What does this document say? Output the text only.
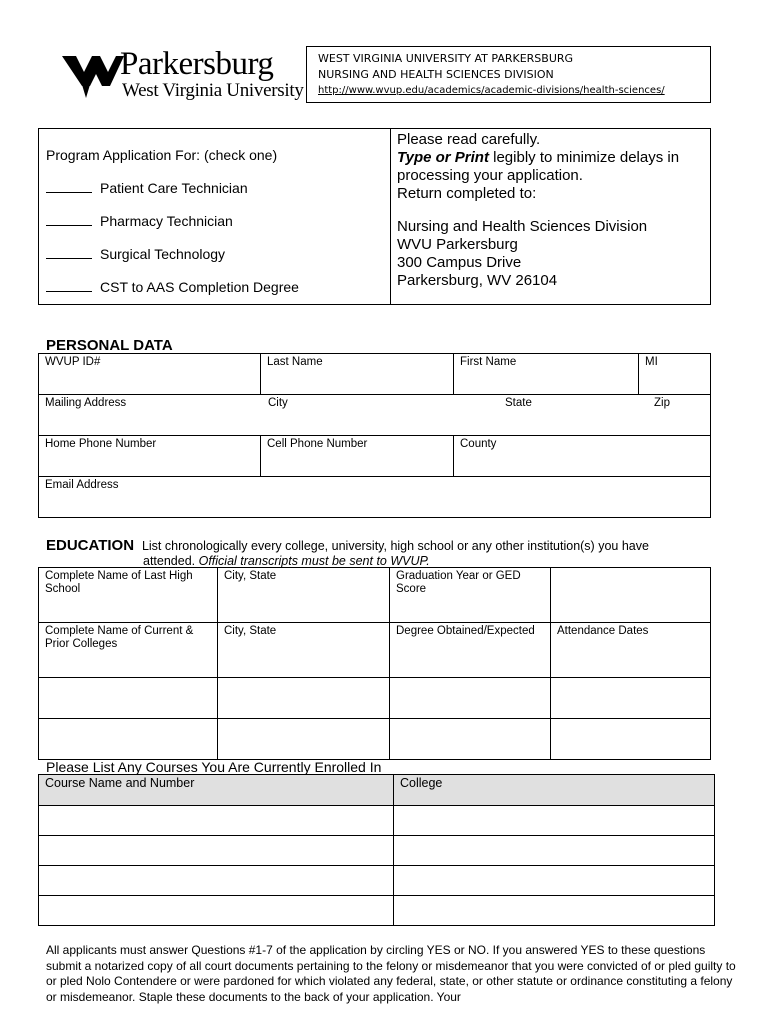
Parkersburg
West Virginia University
WEST VIRGINIA UNIVERSITY AT PARKERSBURG
NURSING AND HEALTH SCIENCES DIVISION
http://www.wvup.edu/academics/academic-divisions/health-sciences/
Program Application For: (check one)
Patient Care Technician
Pharmacy Technician
Surgical Technology
CST to AAS Completion Degree
Please read carefully.
Type or Print legibly to minimize delays in
processing your application.
Return completed to:
Nursing and Health Sciences Division
WVU Parkersburg
300 Campus Drive
Parkersburg, WV 26104
PERSONAL DATA
WVUP ID#	Last Name	First Name	MI
Mailing Address City State Zip			

Home Phone Number	Cell Phone Number	County	
Email Address			
EDUCATION List chronologically every college, university, high school or any other institution(s) you have
attended. Official transcripts must be sent to WVUP.
Complete Name of Last High School	City, State	Graduation Year or GED Score	

Complete Name of Current & Prior Colleges	City, State	Degree Obtained/Expected	Attendance Dates

Please List Any Courses You Are Currently Enrolled In
Course Name and Number	College

All applicants must answer Questions #1-7 of the application by circling YES or NO. If you answered YES to these questions submit a notarized copy of all court documents pertaining to the felony or misdemeanor that you were convicted of or pled guilty to or pled Nolo Contendere or were pardoned for which violated any federal, state, or other statute or ordinance constituting a felony or misdemeanor. Staple these documents to the back of your application. Your
